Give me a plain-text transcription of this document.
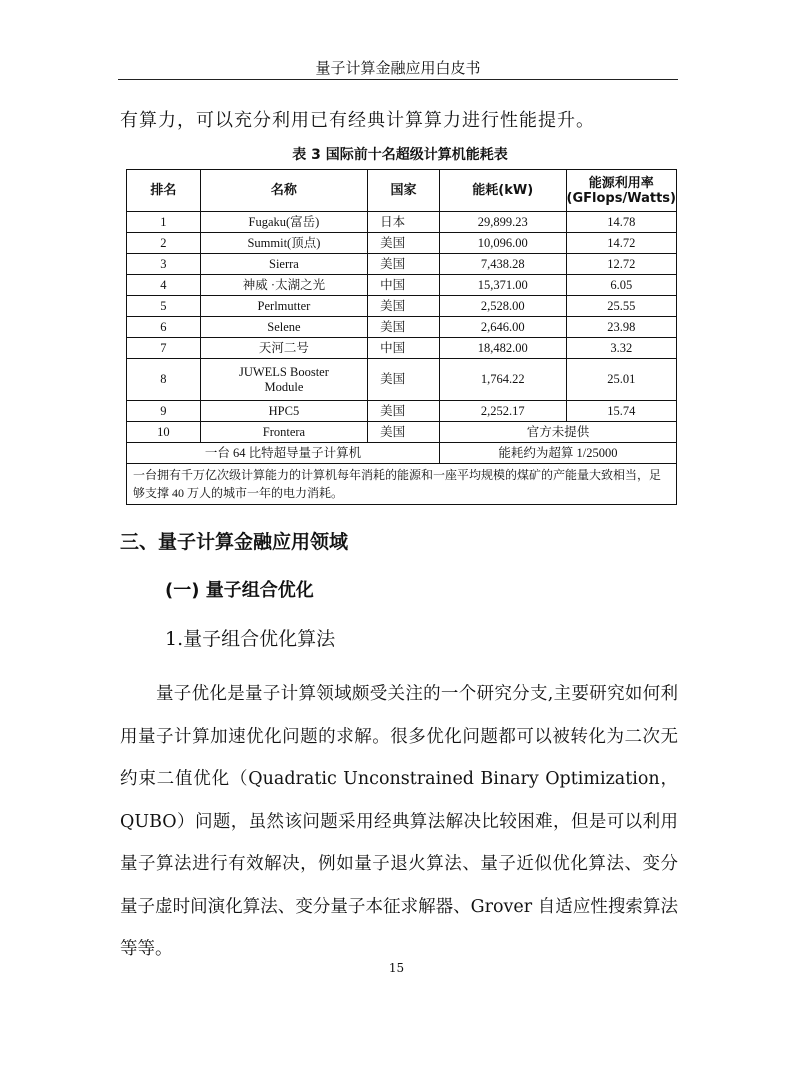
量子计算金融应用白皮书
有算力，可以充分利用已有经典计算算力进行性能提升。
表 3 国际前十名超级计算机能耗表
排名	名称	国家	能耗(kW)	能源利用率
(GFlops/Watts)

1	Fugaku(富岳)	日本	29,899.23	14.78
2	Summit(顶点)	美国	10,096.00	14.72
3	Sierra	美国	7,438.28	12.72
4	神威 ·太湖之光	中国	15,371.00	6.05
5	Perlmutter	美国	2,528.00	25.55
6	Selene	美国	2,646.00	23.98
7	天河二号	中国	18,482.00	3.32
8	JUWELS Booster
Module	美国	1,764.22	25.01
9	HPC5	美国	2,252.17	15.74
10	Frontera	美国	官方未提供	
一台 64 比特超导量子计算机			能耗约为超算 1/25000	
一台拥有千万亿次级计算能力的计算机每年消耗的能源和一座平均规模的煤矿的产能量大致相当，足够支撑 40 万人的城市一年的电力消耗。				
三、量子计算金融应用领域
(一) 量子组合优化
1.量子组合优化算法
量子优化是量子计算领域颇受关注的一个研究分支,主要研究如何利用量子计算加速优化问题的求解。很多优化问题都可以被转化为二次无约束二值优化（Quadratic Unconstrained Binary Optimization，QUBO）问题，虽然该问题采用经典算法解决比较困难，但是可以利用量子算法进行有效解决，例如量子退火算法、量子近似优化算法、变分量子虚时间演化算法、变分量子本征求解器、Grover 自适应性搜索算法等等。
15
